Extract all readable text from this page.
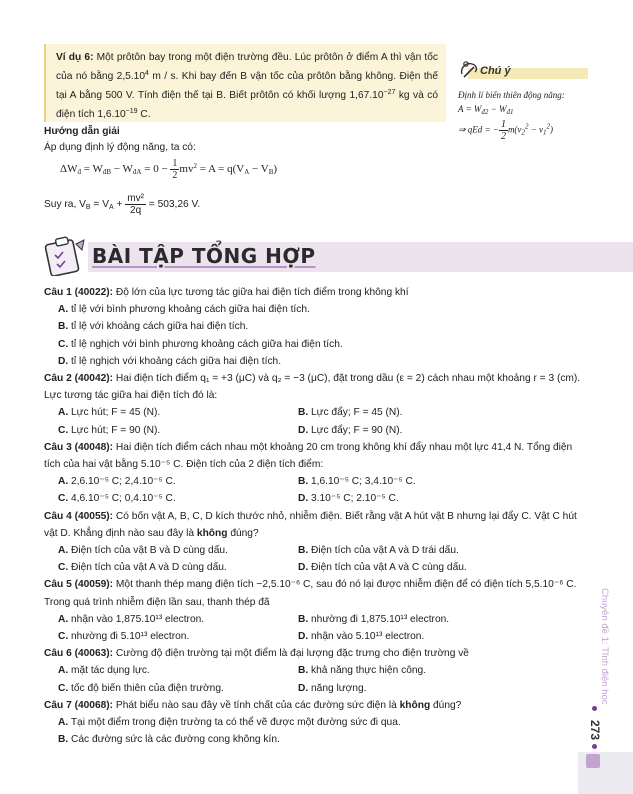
Ví dụ 6: Một prôtôn bay trong một điện trường đều. Lúc prôtôn ở điểm A thì vận tốc của nó bằng 2,5.10$^4$ m / s. Khi bay đến B vận tốc của prôtôn bằng không. Điện thế tại A bằng 500 V. Tính điện thế tại B. Biết prôtôn có khối lượng $1,67.10^{-27}$ kg và có điện tích $1,6.10^{-19}$ C.
Hướng dẫn giải
Áp dụng định lý động năng, ta có:
$\Delta W_đ = W_{đB} - W_{đA} = 0 - \frac{1}{2} mv^2 = A = q(V_A - V_B)$
Suy ra, $V_B = V_A + \frac{\text{mv²}}{2q} = 503,26$ V.
Chú ý
Định lí biến thiên động năng:
$A = W_{đ2} - W_{đ1}$
⇒ qEd = − $\frac{1}{2} m(v_2^2 - v_1^2)$
BÀI TẬP TỔNG HỢP
Câu 1 (40022): Độ lớn của lực tương tác giữa hai điện tích điểm trong không khí
A. tỉ lệ với bình phương khoảng cách giữa hai điện tích.
B. tỉ lệ với khoảng cách giữa hai điện tích.
C. tỉ lệ nghịch với bình phương khoảng cách giữa hai điện tích.
D. tỉ lệ nghịch với khoảng cách giữa hai điện tích.
Câu 2 (40042): Hai điện tích điểm q₁ = +3 (μC) và q₂ = −3 (μC), đặt trong dầu (ε = 2) cách nhau một khoảng r = 3 (cm). Lực tương tác giữa hai điện tích đó là:
A. Lực hút; F = 45 (N).	B. Lực đẩy; F = 45 (N).
C. Lực hút; F = 90 (N).	D. Lực đẩy; F = 90 (N).
Câu 3 (40048): Hai điện tích điểm cách nhau một khoảng 20 cm trong không khí đẩy nhau một lực 41,4 N. Tổng điện tích của hai vật bằng 5.10⁻⁵ C. Điện tích của 2 điện tích điểm:
A. 2,6.10⁻⁵ C; 2,4.10⁻⁵ C.	B. 1,6.10⁻⁵ C; 3,4.10⁻⁵ C.
C. 4,6.10⁻⁵ C; 0,4.10⁻⁵ C.	D. 3.10⁻⁵ C; 2.10⁻⁵ C.
Câu 4 (40055): Có bốn vật A, B, C, D kích thước nhỏ, nhiễm điện. Biết rằng vật A hút vật B nhưng lại đẩy C. Vật C hút vật D. Khẳng định nào sau đây là không đúng?
A. Điện tích của vật B và D cùng dấu.	B. Điện tích của vật A và D trái dấu.
C. Điện tích của vật A và D cùng dấu.	D. Điện tích của vật A và C cùng dấu.
Câu 5 (40059): Một thanh thép mang điện tích −2,5.10⁻⁶ C, sau đó nó lại được nhiễm điện để có điện tích 5,5.10⁻⁶ C. Trong quá trình nhiễm điện lần sau, thanh thép đã
A. nhận vào 1,875.10¹³ electron.	B. nhường đi 1,875.10¹³ electron.
C. nhường đi 5.10¹³ electron.	D. nhận vào 5.10¹³ electron.
Câu 6 (40063): Cường độ điện trường tại một điểm là đại lượng đặc trưng cho điện trường về
A. mặt tác dụng lực.	B. khả năng thực hiện công.
C. tốc độ biến thiên của điện trường.	D. năng lượng.
Câu 7 (40068): Phát biểu nào sau đây về tính chất của các đường sức điện là không đúng?
A. Tại một điểm trong điện trường ta có thể vẽ được một đường sức đi qua.
B. Các đường sức là các đường cong không kín.
Chuyên đề 1: Tĩnh điện học
273
